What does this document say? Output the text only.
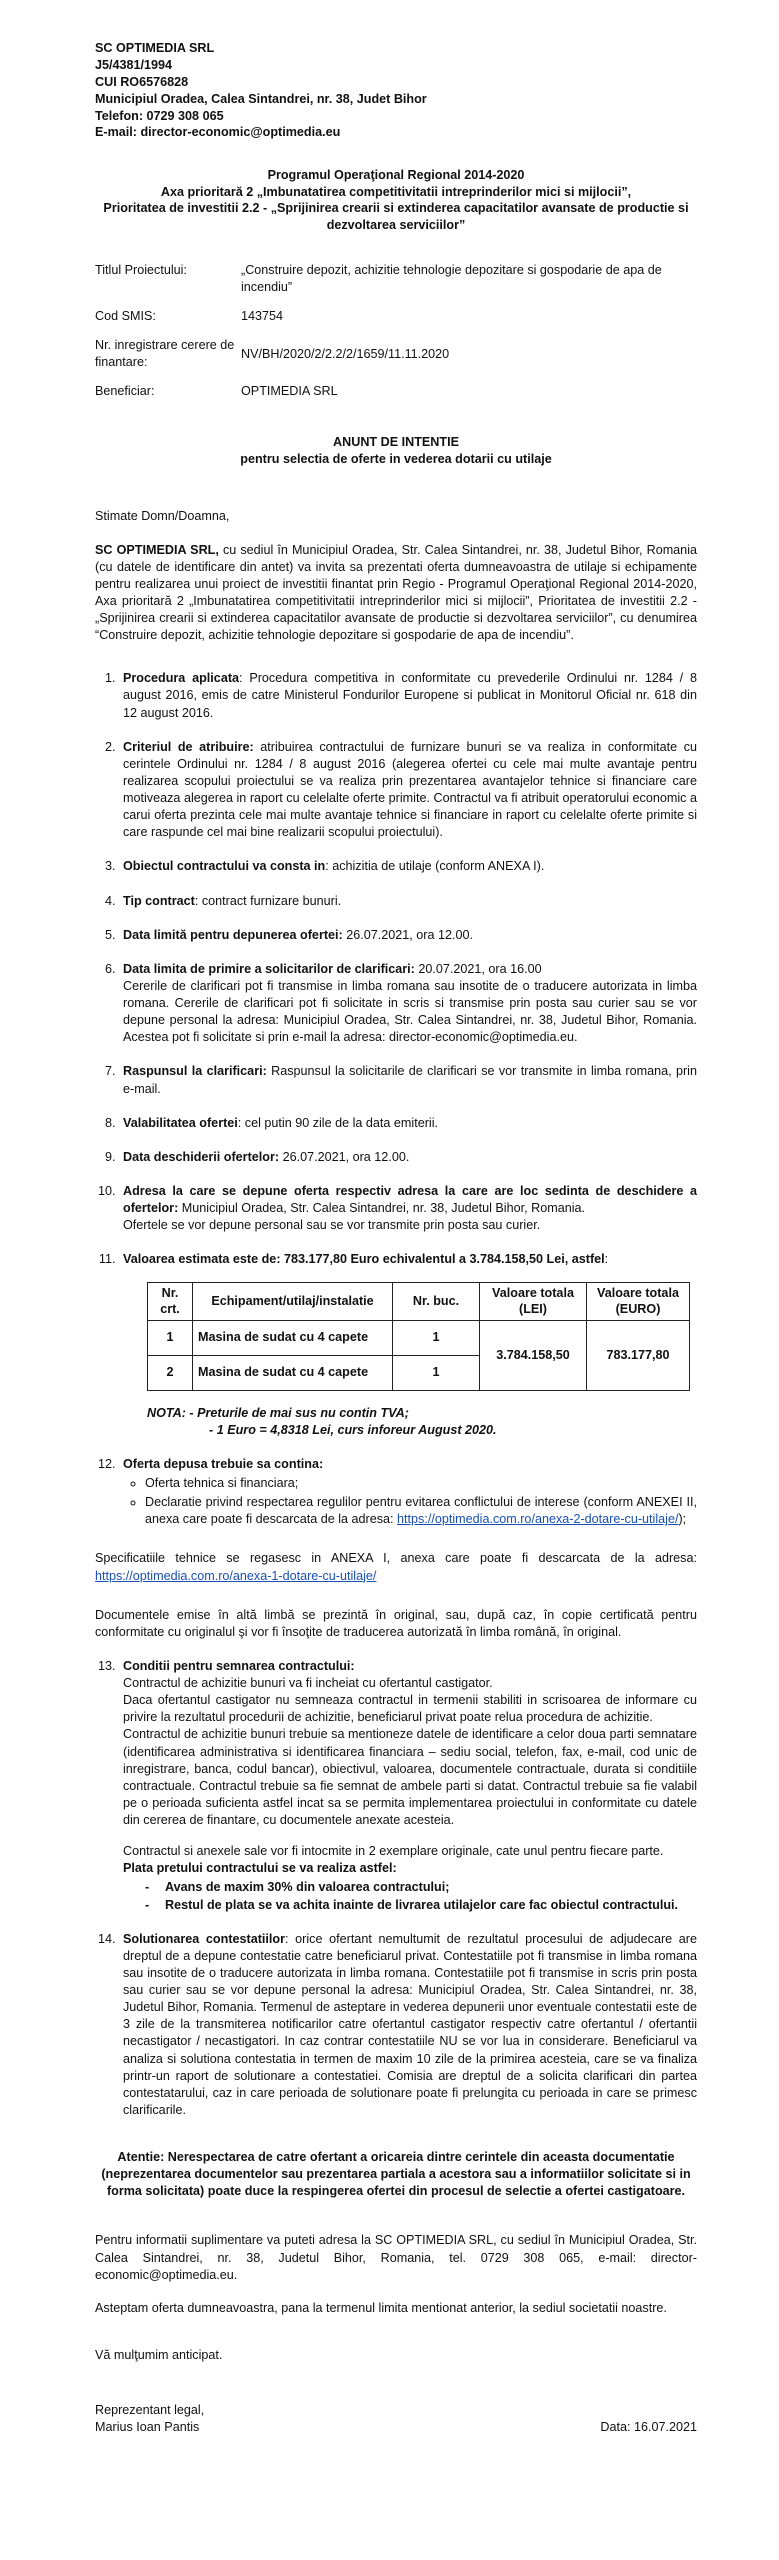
SC OPTIMEDIA SRL
J5/4381/1994
CUI RO6576828
Municipiul Oradea, Calea Sintandrei, nr. 38, Judet Bihor
Telefon: 0729 308 065
E-mail: director-economic@optimedia.eu
Programul Operaţional Regional 2014-2020
Axa prioritară 2 „Imbunatatirea competitivitatii intreprinderilor mici si mijlocii”,
Prioritatea de investitii 2.2 - „Sprijinirea crearii si extinderea capacitatilor avansate de productie si dezvoltarea serviciilor”
Titlul Proiectului:	„Construire depozit, achizitie tehnologie depozitare si gospodarie de apa de incendiu”
Cod SMIS:	143754
Nr. inregistrare cerere de finantare:	NV/BH/2020/2/2.2/2/1659/11.11.2020
Beneficiar:	OPTIMEDIA SRL
ANUNT DE INTENTIE
pentru selectia de oferte in vederea dotarii cu utilaje

Stimate Domn/Doamna,

SC OPTIMEDIA SRL, cu sediul în Municipiul Oradea, Str. Calea Sintandrei, nr. 38, Judetul Bihor, Romania (cu datele de identificare din antet) va invita sa prezentati oferta dumneavoastra de utilaje si echipamente pentru realizarea unui proiect de investitii finantat prin Regio - Programul Operaţional Regional 2014-2020, Axa prioritară 2 „Imbunatatirea competitivitatii intreprinderilor mici si mijlocii”, Prioritatea de investitii 2.2 - „Sprijinirea crearii si extinderea capacitatilor avansate de productie si dezvoltarea serviciilor”, cu denumirea “Construire depozit, achizitie tehnologie depozitare si gospodarie de apa de incendiu”.

1. Procedura aplicata: Procedura competitiva in conformitate cu prevederile Ordinului nr. 1284 / 8 august 2016, emis de catre Ministerul Fondurilor Europene si publicat in Monitorul Oficial nr. 618 din 12 august 2016.
2. Criteriul de atribuire: atribuirea contractului de furnizare bunuri se va realiza in conformitate cu cerintele Ordinului nr. 1284 / 8 august 2016 (alegerea ofertei cu cele mai multe avantaje pentru realizarea scopului proiectului se va realiza prin prezentarea avantajelor tehnice si financiare care motiveaza alegerea in raport cu celelalte oferte primite. Contractul va fi atribuit operatorului economic a carui oferta prezinta cele mai multe avantaje tehnice si financiare in raport cu celelalte oferte primite si care raspunde cel mai bine realizarii scopului proiectului).
3. Obiectul contractului va consta in: achizitia de utilaje (conform ANEXA I).
4. Tip contract: contract furnizare bunuri.
5. Data limită pentru depunerea ofertei: 26.07.2021, ora 12.00.
6. Data limita de primire a solicitarilor de clarificari: 20.07.2021, ora 16.00
Cererile de clarificari pot fi transmise in limba romana sau insotite de o traducere autorizata in limba romana. Cererile de clarificari pot fi solicitate in scris si transmise prin posta sau curier sau se vor depune personal la adresa: Municipiul Oradea, Str. Calea Sintandrei, nr. 38, Judetul Bihor, Romania. Acestea pot fi solicitate si prin e-mail la adresa: director-economic@optimedia.eu.
7. Raspunsul la clarificari: Raspunsul la solicitarile de clarificari se vor transmite in limba romana, prin e-mail.
8. Valabilitatea ofertei: cel putin 90 zile de la data emiterii.
9. Data deschiderii ofertelor: 26.07.2021, ora 12.00.
10. Adresa la care se depune oferta respectiv adresa la care are loc sedinta de deschidere a ofertelor: Municipiul Oradea, Str. Calea Sintandrei, nr. 38, Judetul Bihor, Romania.
Ofertele se vor depune personal sau se vor transmite prin posta sau curier.
11. Valoarea estimata este de: 783.177,80 Euro echivalentul a 3.784.158,50 Lei, astfel:
Nr. crt.	Echipament/utilaj/instalatie	Nr. buc.	Valoare totala (LEI)	Valoare totala (EURO)
1	Masina de sudat cu 4 capete	1	3.784.158,50	783.177,80
2	Masina de sudat cu 4 capete	1		
NOTA: - Preturile de mai sus nu contin TVA;
- 1 Euro = 4,8318 Lei, curs inforeur August 2020.
12. Oferta depusa trebuie sa contina:
◦ Oferta tehnica si financiara;
◦ Declaratie privind respectarea regulilor pentru evitarea conflictului de interese (conform ANEXEI II, anexa care poate fi descarcata de la adresa: https://optimedia.com.ro/anexa-2-dotare-cu-utilaje/);

Specificatiile tehnice se regasesc in ANEXA I, anexa care poate fi descarcata de la adresa: https://optimedia.com.ro/anexa-1-dotare-cu-utilaje/

Documentele emise în altă limbă se prezintă în original, sau, după caz, în copie certificată pentru conformitate cu originalul şi vor fi însoţite de traducerea autorizată în limba română, în original.

13. Conditii pentru semnarea contractului:

Contractul de achizitie bunuri va fi incheiat cu ofertantul castigator.

Daca ofertantul castigator nu semneaza contractul in termenii stabiliti in scrisoarea de informare cu privire la rezultatul procedurii de achizitie, beneficiarul privat poate relua procedura de achizitie.

Contractul de achizitie bunuri trebuie sa mentioneze datele de identificare a celor doua parti semnatare (identificarea administrativa si identificarea financiara – sediu social, telefon, fax, e-mail, cod unic de inregistrare, banca, codul bancar), obiectivul, valoarea, documentele contractuale, durata si conditiile contractuale. Contractul trebuie sa fie semnat de ambele parti si datat. Contractul trebuie sa fie valabil pe o perioada suficienta astfel incat sa se permita implementarea proiectului in conformitate cu datele din cererea de finantare, cu documentele anexate acesteia.

Contractul si anexele sale vor fi intocmite in 2 exemplare originale, cate unul pentru fiecare parte.

Plata pretului contractului se va realiza astfel:

- Avans de maxim 30% din valoarea contractului;
- Restul de plata se va achita inainte de livrarea utilajelor care fac obiectul contractului.
14. Solutionarea contestatiilor: orice ofertant nemultumit de rezultatul procesului de adjudecare are dreptul de a depune contestatie catre beneficiarul privat. Contestatiile pot fi transmise in limba romana sau insotite de o traducere autorizata in limba romana. Contestatiile pot fi transmise in scris prin posta sau curier sau se vor depune personal la adresa: Municipiul Oradea, Str. Calea Sintandrei, nr. 38, Judetul Bihor, Romania. Termenul de asteptare in vederea depunerii unor eventuale contestatii este de 3 zile de la transmiterea notificarilor catre ofertantul castigator respectiv catre ofertantul / ofertantii necastigator / necastigatori. In caz contrar contestatiile NU se vor lua in considerare. Beneficiarul va analiza si solutiona contestatia in termen de maxim 10 zile de la primirea acesteia, care se va finaliza printr-un raport de solutionare a contestatiei. Comisia are dreptul de a solicita clarificari din partea contestatarului, caz in care perioada de solutionare poate fi prelungita cu perioada in care se primesc clarificarile.

Atentie: Nerespectarea de catre ofertant a oricareia dintre cerintele din aceasta documentatie (neprezentarea documentelor sau prezentarea partiala a acestora sau a informatiilor solicitate si in forma solicitata) poate duce la respingerea ofertei din procesul de selectie a ofertei castigatoare.

Pentru informatii suplimentare va puteti adresa la SC OPTIMEDIA SRL, cu sediul în Municipiul Oradea, Str. Calea Sintandrei, nr. 38, Judetul Bihor, Romania, tel. 0729 308 065, e-mail: director-economic@optimedia.eu.

Asteptam oferta dumneavoastra, pana la termenul limita mentionat anterior, la sediul societatii noastre.

Vă mulţumim anticipat.

Reprezentant legal,
Marius Ioan Pantis	Data: 16.07.2021
